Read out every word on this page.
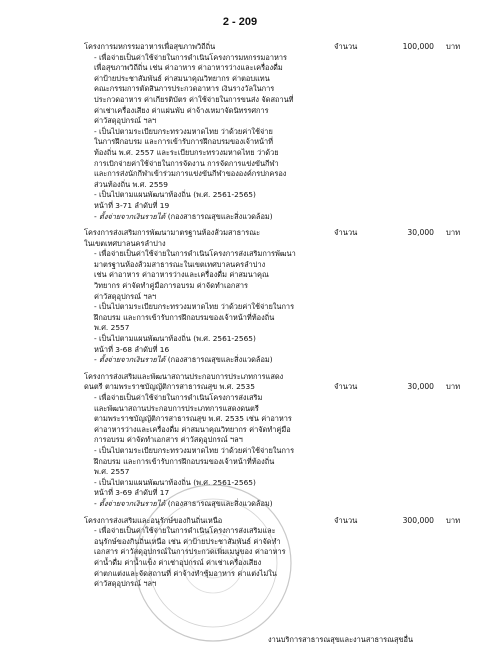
2 - 209

โครงการมหกรรมอาหารเพื่อสุขภาพวิถีถิ่น	จำนวน	100,000 บาท

- เพื่อจ่ายเป็นค่าใช้จ่ายในการดำเนินโครงการมหกรรมอาหาร

เพื่อสุขภาพวิถีถิ่น เช่น ค่าอาหาร ค่าอาหารว่างและเครื่องดื่ม

ค่าป้ายประชาสัมพันธ์ ค่าสมนาคุณวิทยากร ค่าตอบแทน

คณะกรรมการตัดสินการประกวดอาหาร เงินรางวัลในการ

ประกวดอาหาร ค่าเกียรติบัตร ค่าใช้จ่ายในการขนส่ง จัดสถานที่

ค่าเช่าเครื่องเสียง ค่าแผ่นพับ ค่าจ้างเหมาจัดนิทรรศการ

ค่าวัสดุอุปกรณ์ ฯลฯ

- เป็นไปตามระเบียบกระทรวงมหาดไทย ว่าด้วยค่าใช้จ่าย

ในการฝึกอบรม และการเข้ารับการฝึกอบรมของเจ้าหน้าที่

ท้องถิ่น พ.ศ. 2557 และระเบียบกระทรวงมหาดไทย ว่าด้วย

การเบิกจ่ายค่าใช้จ่ายในการจัดงาน การจัดการแข่งขันกีฬา

และการส่งนักกีฬาเข้าร่วมการแข่งขันกีฬาขององค์กรปกครอง

ส่วนท้องถิ่น พ.ศ. 2559

- เป็นไปตามแผนพัฒนาท้องถิ่น (พ.ศ. 2561-2565)

หน้าที่ 3-71 ลำดับที่ 19

- ตั้งจ่ายจากเงินรายได้ (กองสาธารณสุขและสิ่งแวดล้อม)

โครงการส่งเสริมการพัฒนามาตรฐานห้องส้วมสาธารณะ	จำนวน	30,000 บาท

ในเขตเทศบาลนครลำปาง

- เพื่อจ่ายเป็นค่าใช้จ่ายในการดำเนินโครงการส่งเสริมการพัฒนา

มาตรฐานห้องส้วมสาธารณะในเขตเทศบาลนครลำปาง

เช่น ค่าอาหาร ค่าอาหารว่างและเครื่องดื่ม ค่าสมนาคุณ

วิทยากร ค่าจัดทำคู่มือการอบรม ค่าจัดทำเอกสาร

ค่าวัสดุอุปกรณ์ ฯลฯ

- เป็นไปตามระเบียบกระทรวงมหาดไทย ว่าด้วยค่าใช้จ่ายในการ

ฝึกอบรม และการเข้ารับการฝึกอบรมของเจ้าหน้าที่ท้องถิ่น

พ.ศ. 2557

- เป็นไปตามแผนพัฒนาท้องถิ่น (พ.ศ. 2561-2565)

หน้าที่ 3-68 ลำดับที่ 16

- ตั้งจ่ายจากเงินรายได้ (กองสาธารณสุขและสิ่งแวดล้อม)

โครงการส่งเสริมและพัฒนาสถานประกอบการประเภทการแสดง

จำนวน	30,000 บาท

ดนตรี ตามพระราชบัญญัติการสาธารณสุข พ.ศ. 2535

- เพื่อจ่ายเป็นค่าใช้จ่ายในการดำเนินโครงการส่งเสริม

และพัฒนาสถานประกอบการประเภทการแสดงดนตรี

ตามพระราชบัญญัติการสาธารณสุข พ.ศ. 2535 เช่น ค่าอาหาร

ค่าอาหารว่างและเครื่องดื่ม ค่าสมนาคุณวิทยากร ค่าจัดทำคู่มือ

การอบรม ค่าจัดทำเอกสาร ค่าวัสดุอุปกรณ์ ฯลฯ

- เป็นไปตามระเบียบกระทรวงมหาดไทย ว่าด้วยค่าใช้จ่ายในการ

ฝึกอบรม และการเข้ารับการฝึกอบรมของเจ้าหน้าที่ท้องถิ่น

พ.ศ. 2557

- เป็นไปตามแผนพัฒนาท้องถิ่น (พ.ศ. 2561-2565)

หน้าที่ 3-69 ลำดับที่ 17

- ตั้งจ่ายจากเงินรายได้ (กองสาธารณสุขและสิ่งแวดล้อม)

โครงการส่งเสริมและอนุรักษ์ของกินถิ่นเหนือ	จำนวน	300,000 บาท

- เพื่อจ่ายเป็นค่าใช้จ่ายในการดำเนินโครงการส่งเสริมและ

อนุรักษ์ของกินถิ่นเหนือ เช่น ค่าป้ายประชาสัมพันธ์ ค่าจัดทำ

เอกสาร ค่าวัสดุอุปกรณ์ในการประกวดเพิ่มเมนูของ ค่าอาหาร

ค่าน้ำดื่ม ค่าน้ำแข็ง ค่าเช่าอุปกรณ์ ค่าเช่าเครื่องเสียง

ค่าตกแต่งและจัดสถานที่ ค่าจ้างทำซุ้มอาหาร ค่าแต่งไม่ใน

ค่าวัสดุอุปกรณ์ ฯลฯ

งานบริการสาธารณสุขและงานสาธารณสุขอื่น
